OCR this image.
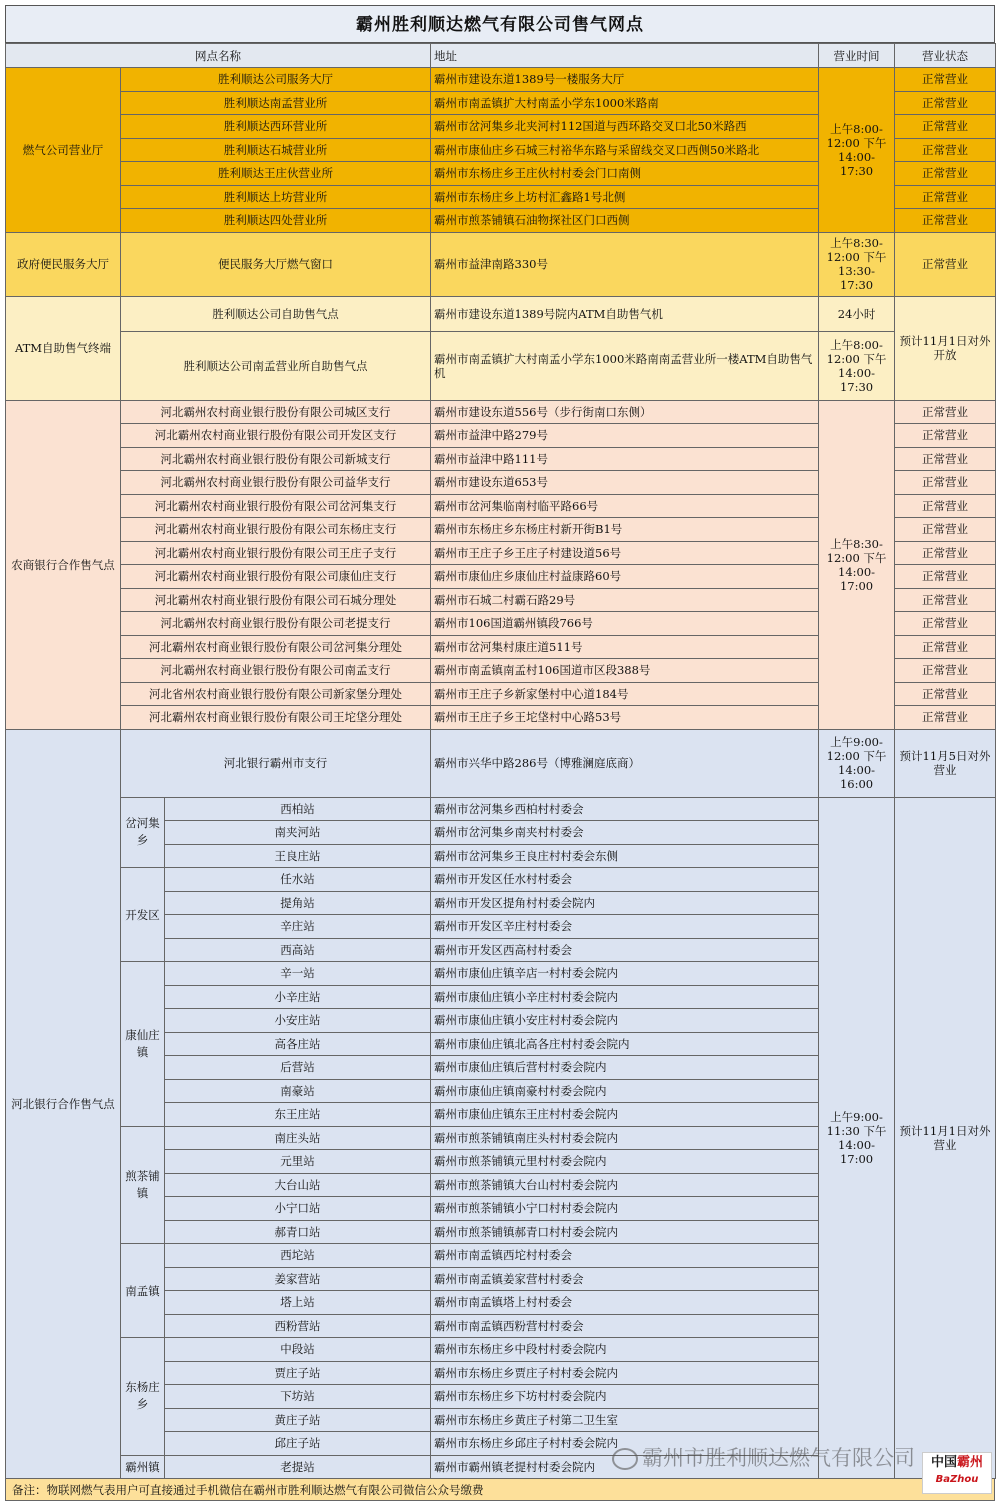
霸州胜利顺达燃气有限公司售气网点
网点名称			地址	营业时间	营业状态
燃气公司营业厅	胜利顺达公司服务大厅		霸州市建设东道1389号一楼服务大厅	上午8:00-12:00 下午14:00-17:30	正常营业
	胜利顺达南孟营业所		霸州市南孟镇扩大村南孟小学东1000米路南		正常营业
	胜利顺达西环营业所		霸州市岔河集乡北夹河村112国道与西环路交叉口北50米路西		正常营业
	胜利顺达石城营业所		霸州市康仙庄乡石城三村裕华东路与采留线交叉口西侧50米路北		正常营业
	胜利顺达王庄伙营业所		霸州市东杨庄乡王庄伙村村委会门口南侧		正常营业
	胜利顺达上坊营业所		霸州市东杨庄乡上坊村汇鑫路1号北侧		正常营业
	胜利顺达四处营业所		霸州市煎茶铺镇石油物探社区门口西侧		正常营业
政府便民服务大厅	便民服务大厅燃气窗口		霸州市益津南路330号	上午8:30-12:00 下午13:30-17:30	正常营业
ATM自助售气终端	胜利顺达公司自助售气点		霸州市建设东道1389号院内ATM自助售气机	24小时	预计11月1日对外开放
	胜利顺达公司南孟营业所自助售气点		霸州市南孟镇扩大村南孟小学东1000米路南南孟营业所一楼ATM自助售气机	上午8:00-12:00 下午14:00-17:30	
农商银行合作售气点	河北霸州农村商业银行股份有限公司城区支行		霸州市建设东道556号（步行街南口东侧）	上午8:30-12:00 下午14:00-17:00	正常营业
	河北霸州农村商业银行股份有限公司开发区支行		霸州市益津中路279号		正常营业
	河北霸州农村商业银行股份有限公司新城支行		霸州市益津中路111号		正常营业
	河北霸州农村商业银行股份有限公司益华支行		霸州市建设东道653号		正常营业
	河北霸州农村商业银行股份有限公司岔河集支行		霸州市岔河集临南村临平路66号		正常营业
	河北霸州农村商业银行股份有限公司东杨庄支行		霸州市东杨庄乡东杨庄村新开街B1号		正常营业
	河北霸州农村商业银行股份有限公司王庄子支行		霸州市王庄子乡王庄子村建设道56号		正常营业
	河北霸州农村商业银行股份有限公司康仙庄支行		霸州市康仙庄乡康仙庄村益康路60号		正常营业
	河北霸州农村商业银行股份有限公司石城分理处		霸州市石城二村霸石路29号		正常营业
	河北霸州农村商业银行股份有限公司老提支行		霸州市106国道霸州镇段766号		正常营业
	河北霸州农村商业银行股份有限公司岔河集分理处		霸州市岔河集村康庄道511号		正常营业
	河北霸州农村商业银行股份有限公司南孟支行		霸州市南孟镇南孟村106国道市区段388号		正常营业
	河北省州农村商业银行股份有限公司新家堡分理处		霸州市王庄子乡新家堡村中心道184号		正常营业
	河北霸州农村商业银行股份有限公司王坨垡分理处		霸州市王庄子乡王坨垡村中心路53号		正常营业
河北银行合作售气点	河北银行霸州市支行		霸州市兴华中路286号（博雅澜庭底商）	上午9:00-12:00 下午14:00-16:00	预计11月5日对外营业
	岔河集乡	西柏站	霸州市岔河集乡西柏村村委会	上午9:00-11:30 下午14:00-17:00	预计11月1日对外营业
		南夹河站	霸州市岔河集乡南夹村村委会		
		王良庄站	霸州市岔河集乡王良庄村村委会东侧		
	开发区	任水站	霸州市开发区任水村村委会		
		提角站	霸州市开发区提角村村委会院内		
		辛庄站	霸州市开发区辛庄村村委会		
		西高站	霸州市开发区西高村村委会		
	康仙庄镇	辛一站	霸州市康仙庄镇辛店一村村委会院内		
		小辛庄站	霸州市康仙庄镇小辛庄村村委会院内		
		小安庄站	霸州市康仙庄镇小安庄村村委会院内		
		高各庄站	霸州市康仙庄镇北高各庄村村委会院内		
		后营站	霸州市康仙庄镇后营村村委会院内		
		南豪站	霸州市康仙庄镇南豪村村委会院内		
		东王庄站	霸州市康仙庄镇东王庄村村委会院内		
	煎茶铺镇	南庄头站	霸州市煎茶铺镇南庄头村村委会院内		
		元里站	霸州市煎茶铺镇元里村村委会院内		
		大台山站	霸州市煎茶铺镇大台山村村委会院内		
		小宁口站	霸州市煎茶铺镇小宁口村村委会院内		
		郝青口站	霸州市煎茶铺镇郝青口村村委会院内		
	南孟镇	西坨站	霸州市南孟镇西坨村村委会		
		姜家营站	霸州市南孟镇姜家营村村委会		
		塔上站	霸州市南孟镇塔上村村委会		
		西粉营站	霸州市南孟镇西粉营村村委会		
	东杨庄乡	中段站	霸州市东杨庄乡中段村村委会院内		
		贾庄子站	霸州市东杨庄乡贾庄子村村委会院内		
		下坊站	霸州市东杨庄乡下坊村村委会院内		
		黄庄子站	霸州市东杨庄乡黄庄子村第二卫生室		
		邱庄子站	霸州市东杨庄乡邱庄子村村委会院内		
	霸州镇	老提站	霸州市霸州镇老提村村委会院内		
备注：物联网燃气表用户可直接通过手机微信在霸州市胜利顺达燃气有限公司微信公众号缴费
霸州市胜利顺达燃气有限公司	中国霸州
BaZhou
